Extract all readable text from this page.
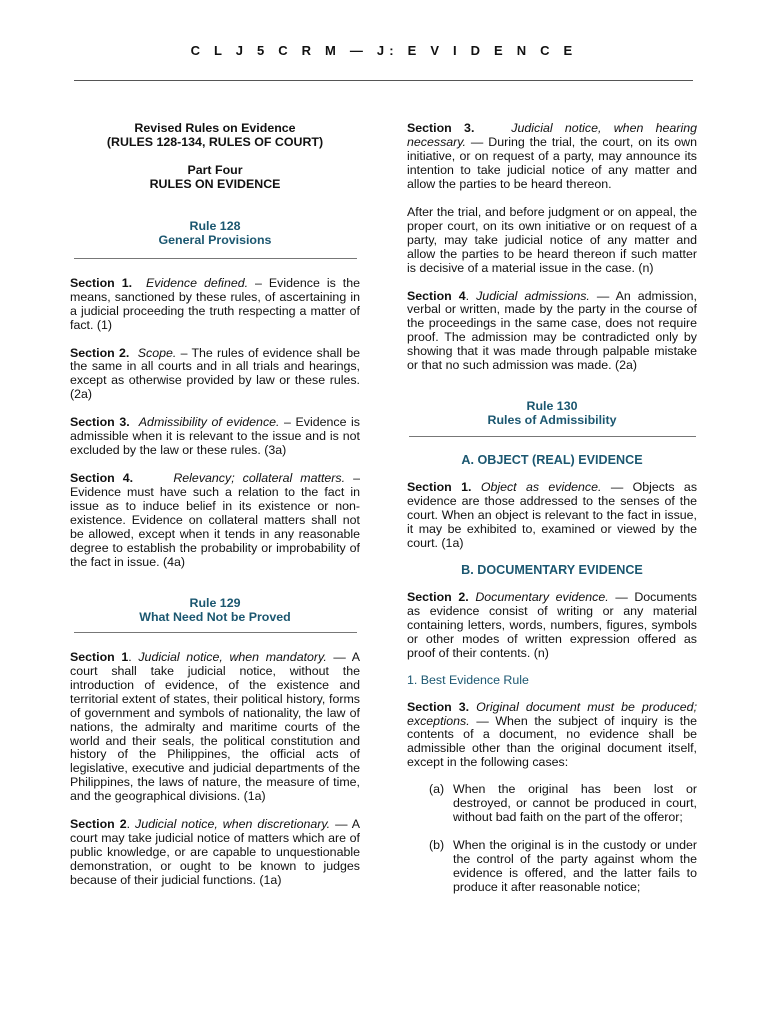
C L J 5 C R M — J: E V I D E N C E
Revised Rules on Evidence
(RULES 128-134, RULES OF COURT)
Part Four
RULES ON EVIDENCE
Rule 128
General Provisions

Section 1. Evidence defined. – Evidence is the means, sanctioned by these rules, of ascertaining in a judicial proceeding the truth respecting a matter of fact. (1)

Section 2. Scope. – The rules of evidence shall be the same in all courts and in all trials and hearings, except as otherwise provided by law or these rules. (2a)

Section 3. Admissibility of evidence. – Evidence is admissible when it is relevant to the issue and is not excluded by the law or these rules. (3a)

Section 4.	Relevancy; collateral matters. – Evidence must have such a relation to the fact in issue as to induce belief in its existence or non-existence. Evidence on collateral matters shall not be allowed, except when it tends in any reasonable degree to establish the probability or improbability of the fact in issue. (4a)

Rule 129
What Need Not be Proved

Section 1. Judicial notice, when mandatory. — A court shall take judicial notice, without the introduction of evidence, of the existence and territorial extent of states, their political history, forms of government and symbols of nationality, the law of nations, the admiralty and maritime courts of the world and their seals, the political constitution and history of the Philippines, the official acts of legislative, executive and judicial departments of the Philippines, the laws of nature, the measure of time, and the geographical divisions. (1a)

Section 2. Judicial notice, when discretionary. — A court may take judicial notice of matters which are of public knowledge, or are capable to unquestionable demonstration, or ought to be known to judges because of their judicial functions. (1a)

Section 3.	Judicial notice, when hearing necessary. — During the trial, the court, on its own initiative, or on request of a party, may announce its intention to take judicial notice of any matter and allow the parties to be heard thereon.

After the trial, and before judgment or on appeal, the proper court, on its own initiative or on request of a party, may take judicial notice of any matter and allow the parties to be heard thereon if such matter is decisive of a material issue in the case. (n)

Section 4. Judicial admissions. — An admission, verbal or written, made by the party in the course of the proceedings in the same case, does not require proof. The admission may be contradicted only by showing that it was made through palpable mistake or that no such admission was made. (2a)

Rule 130
Rules of Admissibility
A. OBJECT (REAL) EVIDENCE

Section 1. Object as evidence. — Objects as evidence are those addressed to the senses of the court. When an object is relevant to the fact in issue, it may be exhibited to, examined or viewed by the court. (1a)

B. DOCUMENTARY EVIDENCE

Section 2. Documentary evidence. — Documents as evidence consist of writing or any material containing letters, words, numbers, figures, symbols or other modes of written expression offered as proof of their contents. (n)

1. Best Evidence Rule

Section 3. Original document must be produced; exceptions. — When the subject of inquiry is the contents of a document, no evidence shall be admissible other than the original document itself, except in the following cases:

(a) When the original has been lost or destroyed, or cannot be produced in court, without bad faith on the part of the offeror;
(b) When the original is in the custody or under the control of the party against whom the evidence is offered, and the latter fails to produce it after reasonable notice;
